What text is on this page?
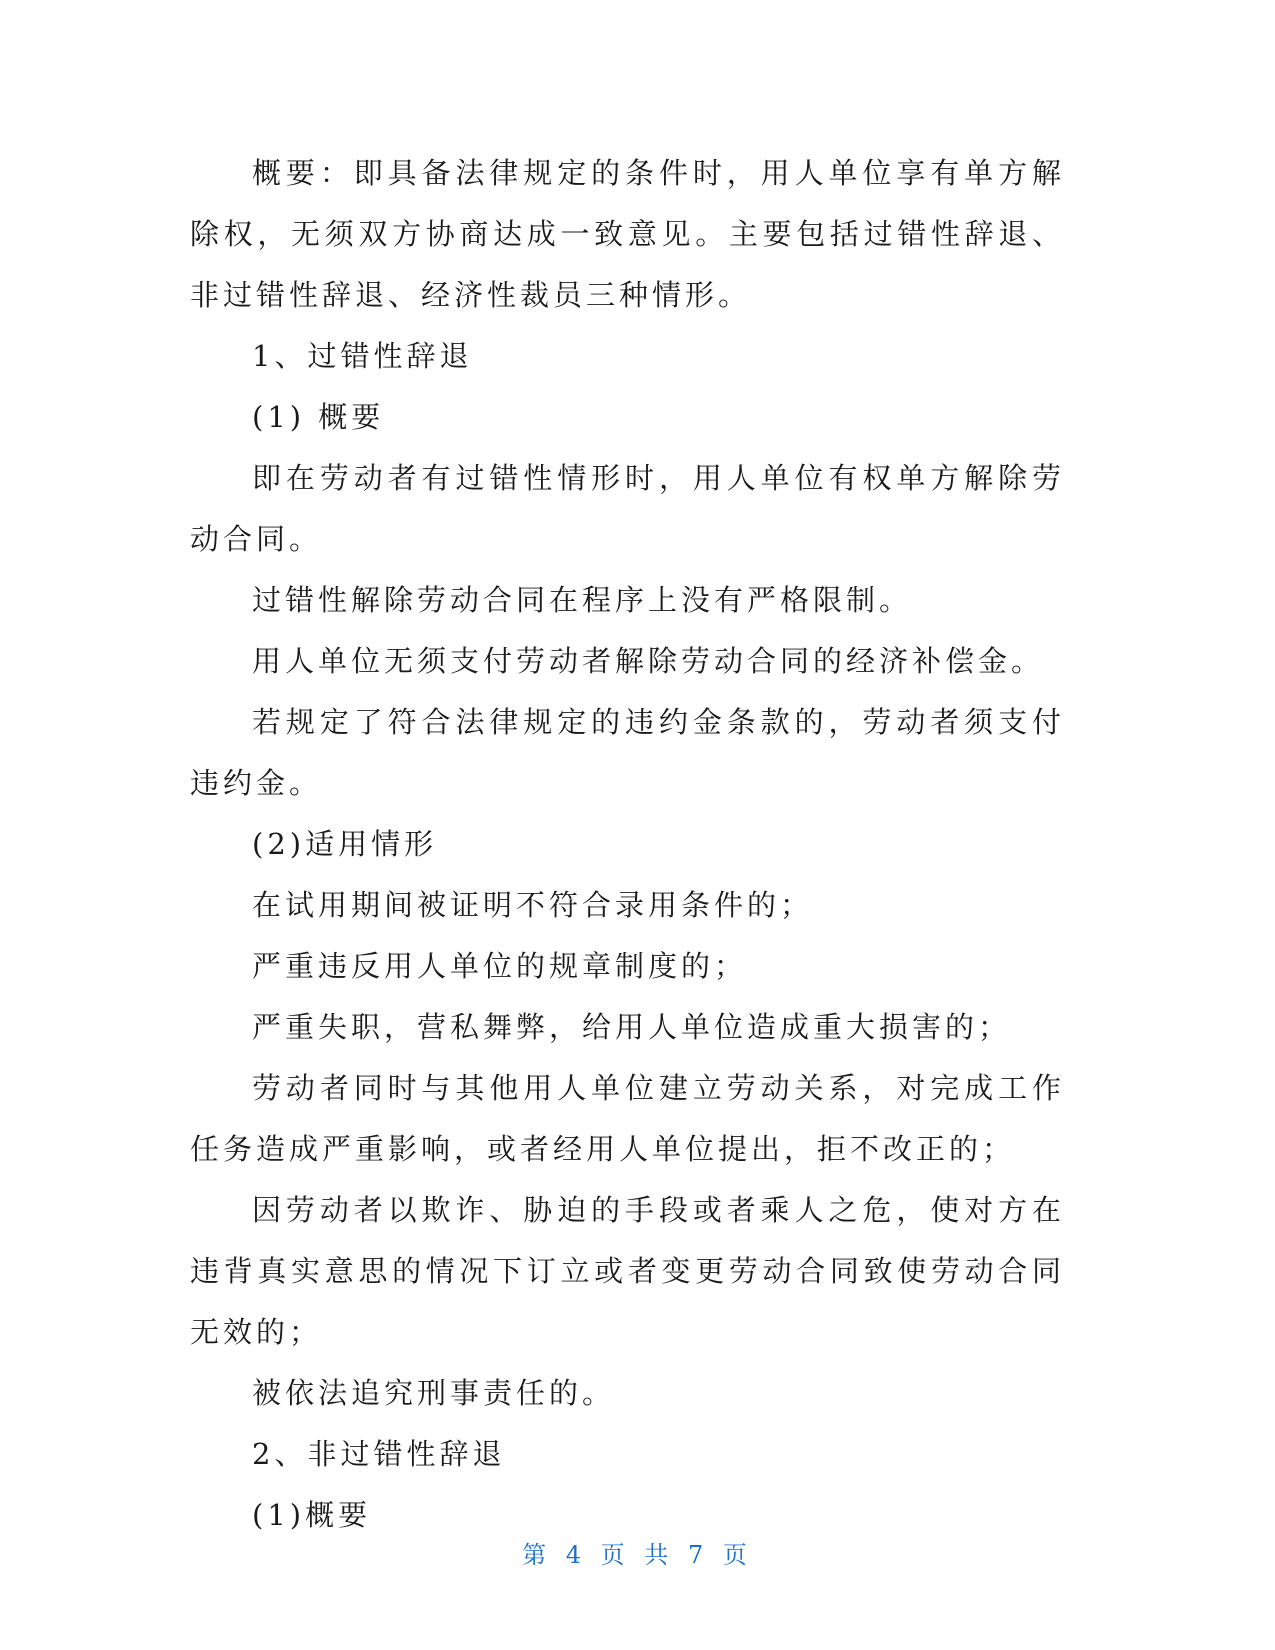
概要：即具备法律规定的条件时，用人单位享有单方解除权，无须双方协商达成一致意见。主要包括过错性辞退、非过错性辞退、经济性裁员三种情形。

1、过错性辞退

(1) 概要

即在劳动者有过错性情形时，用人单位有权单方解除劳动合同。

过错性解除劳动合同在程序上没有严格限制。

用人单位无须支付劳动者解除劳动合同的经济补偿金。

若规定了符合法律规定的违约金条款的，劳动者须支付违约金。

(2)适用情形

在试用期间被证明不符合录用条件的；

严重违反用人单位的规章制度的；

严重失职，营私舞弊，给用人单位造成重大损害的；

劳动者同时与其他用人单位建立劳动关系，对完成工作任务造成严重影响，或者经用人单位提出，拒不改正的；

因劳动者以欺诈、胁迫的手段或者乘人之危，使对方在违背真实意思的情况下订立或者变更劳动合同致使劳动合同无效的；

被依法追究刑事责任的。

2、非过错性辞退

(1)概要

第 4 页 共 7 页
